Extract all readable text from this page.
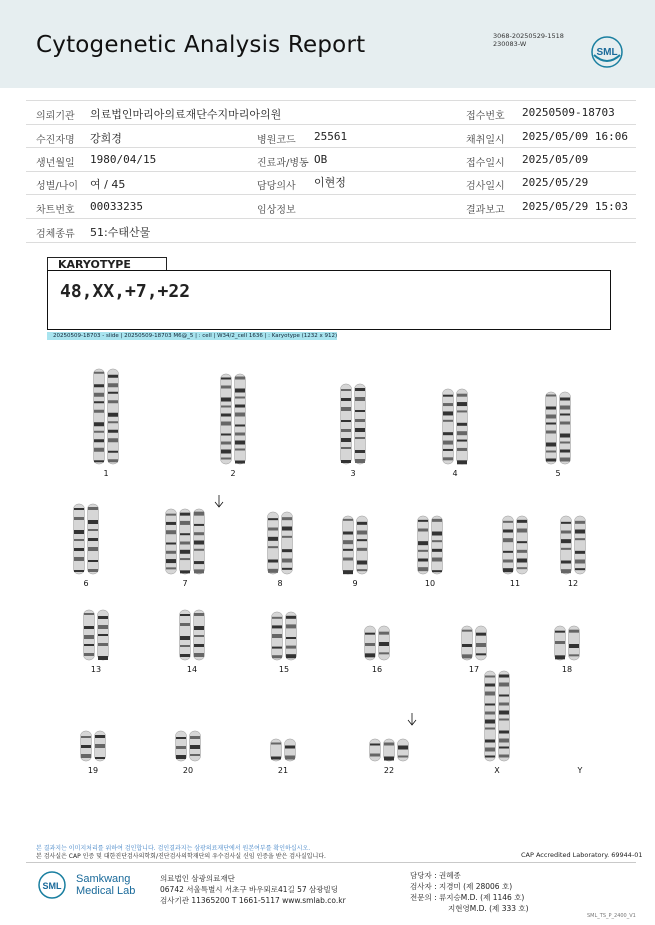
Cytogenetic Analysis Report	3068-20250529-1518
230083-W
SML
의뢰기관 의료법인마리아의료재단수지마리아의원	접수번호 20250509-18703
수진자명 강희경	병원코드 25561	채취일시 2025/05/09 16:06
생년월일 1980/04/15	진료과/병동 OB	접수일시 2025/05/09
성별/나이 여 / 45	담당의사 이현정	검사일시 2025/05/29
차트번호 00033235	임상정보	결과보고 2025/05/29 15:03
검체종류 51:수태산물
KARYOTYPE
48,XX,+7,+22
20250509-18703 - slide | 20250509-18703 M6@_5 | : cell | W34/2_cell 1636 | : Karyotype (1232 x 912)
1	2	3	4	5
6	7	8	9	10	11	12
13	14	15	16	17	18
19	20	21	22	X	Y
본 결과지는 이미지처리를 위하여 검인합니다. 검인결과지는 삼광의료재단에서 원본여부를 확인하십시오.
본 검사실은 CAP 인증 및 대한진단검사의학회/진단검사의학재단의 우수검사실 신임 인증을 받은 검사실입니다.	CAP Accredited Laboratory. 69944-01
SML
Samkwang
Medical Lab
의료법인 삼광의료재단
06742 서울특별시 서초구 바우뫼로41길 57 삼광빌딩
검사기관 11365200 T 1661-5117 www.smlab.co.kr
담당자 : 권혜종
검사자 : 지경미 (제 28006 호)
전문의 : 류지승M.D. (제 1146 호)
지현영M.D. (제 333 호)
SML_TS_P_2400_V1
